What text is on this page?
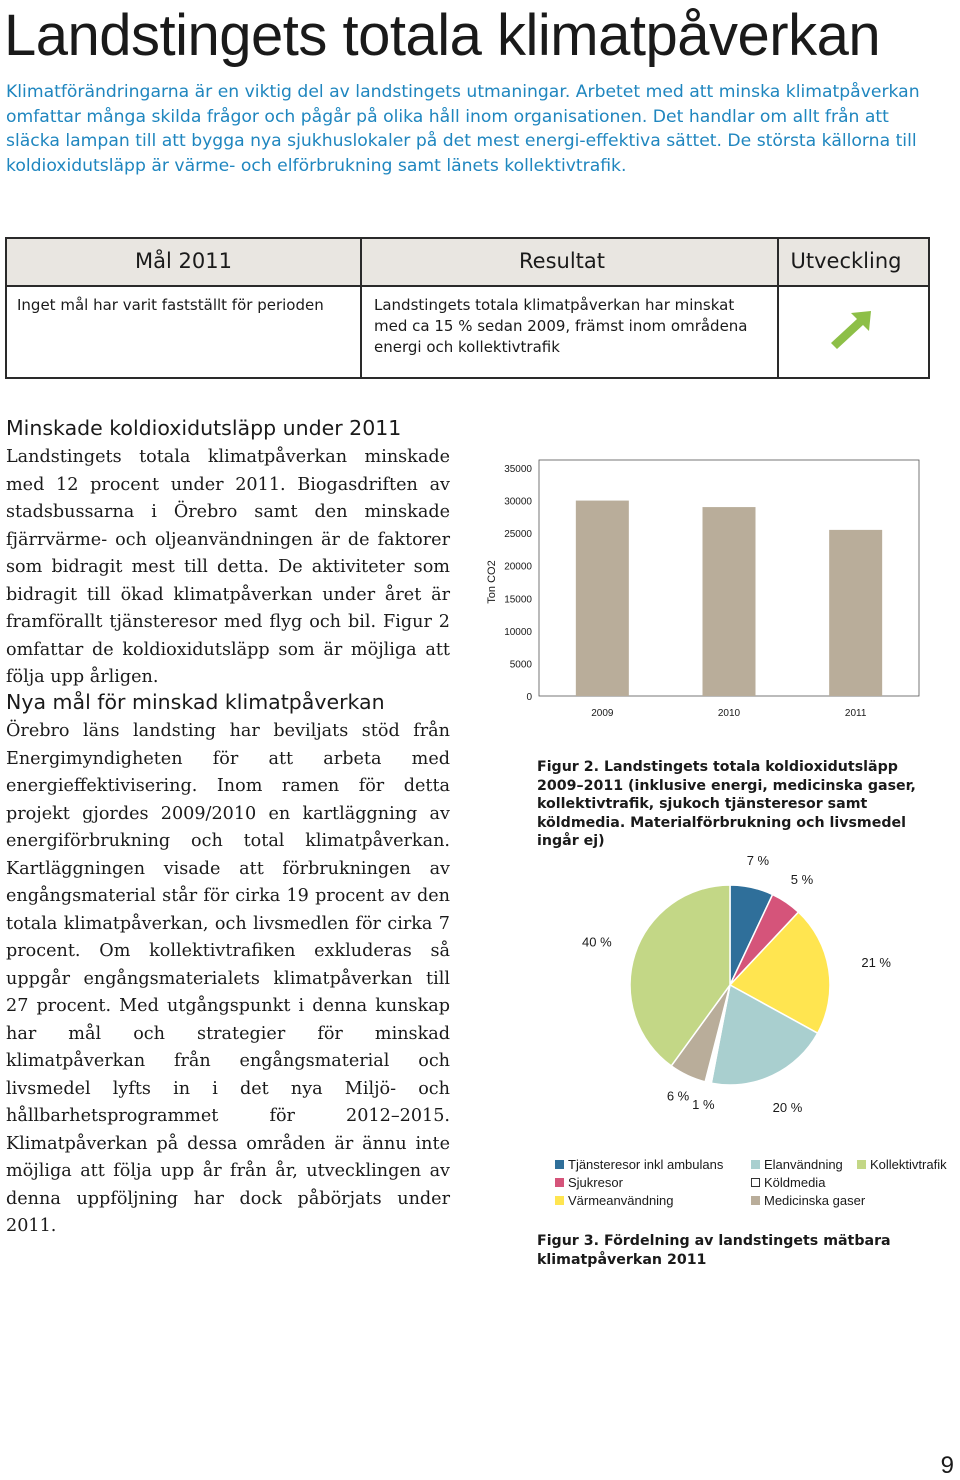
Landstingets totala klimatpåverkan

Klimatförändringarna är en viktig del av landstingets utmaningar. Arbetet med att minska klimatpåverkan omfattar många skilda frågor och pågår på olika håll inom organisationen. Det handlar om allt från att släcka lampan till att bygga nya sjukhuslokaler på det mest energi-effektiva sättet. De största källorna till koldioxidutsläpp är värme- och elförbrukning samt länets kollektivtrafik.

Mål 2011	Resultat	Utveckling
Inget mål har varit fastställt för perioden	Landstingets totala klimatpåverkan har minskat med ca 15 % sedan 2009, främst inom områdena energi och kollektivtrafik
Minskade koldioxidutsläpp under 2011

Landstingets totala klimatpåverkan minskade med 12 procent under 2011. Biogasdriften av stadsbussarna i Örebro samt den minskade fjärrvärme- och oljeanvändningen är de faktorer som bidragit mest till detta. De aktiviteter som bidragit till ökad klimatpåverkan under året är framförallt tjänsteresor med flyg och bil. Figur 2 omfattar de koldioxidutsläpp som är möjliga att följa upp årligen.

Nya mål för minskad klimatpåverkan

Örebro läns landsting har beviljats stöd från Energimyndigheten för att arbeta med energieffektivisering. Inom ramen för detta projekt gjordes 2009/2010 en kartläggning av energiförbrukning och total klimatpåverkan. Kartläggningen visade att förbrukningen av engångsmaterial står för cirka 19 procent av den totala klimatpåverkan, och livsmedlen för cirka 7 procent. Om kollektivtrafiken exkluderas så uppgår engångsmaterialets klimatpåverkan till 27 procent. Med utgångspunkt i denna kunskap har mål och strategier för minskad klimatpåverkan från engångsmaterial och livsmedel lyfts in i det nya Miljö- och hållbarhetsprogrammet för 2012–2015. Klimatpåverkan på dessa områden är ännu inte möjliga att följa upp år från år, utvecklingen av denna uppföljning har dock påbörjats under 2011.

0
5000
10000
15000
20000
25000
30000
35000
2009	2010	2011
Ton CO2

Figur 2. Landstingets totala koldioxidutsläpp 2009–2011 (inklusive energi, medicinska gaser, kollektivtrafik, sjukoch tjänsteresor samt köldmedia. Materialförbrukning och livsmedel ingår ej)

7 %
5 %
21 %
20 %
1 %
6 %
40 %
Tjänsteresor inkl ambulans	Elanvändning Kollektivtrafik
Sjukresor	Köldmedia
Värmeanvändning	Medicinska gaser

Figur 3. Fördelning av landstingets mätbara klimatpåverkan 2011

9
